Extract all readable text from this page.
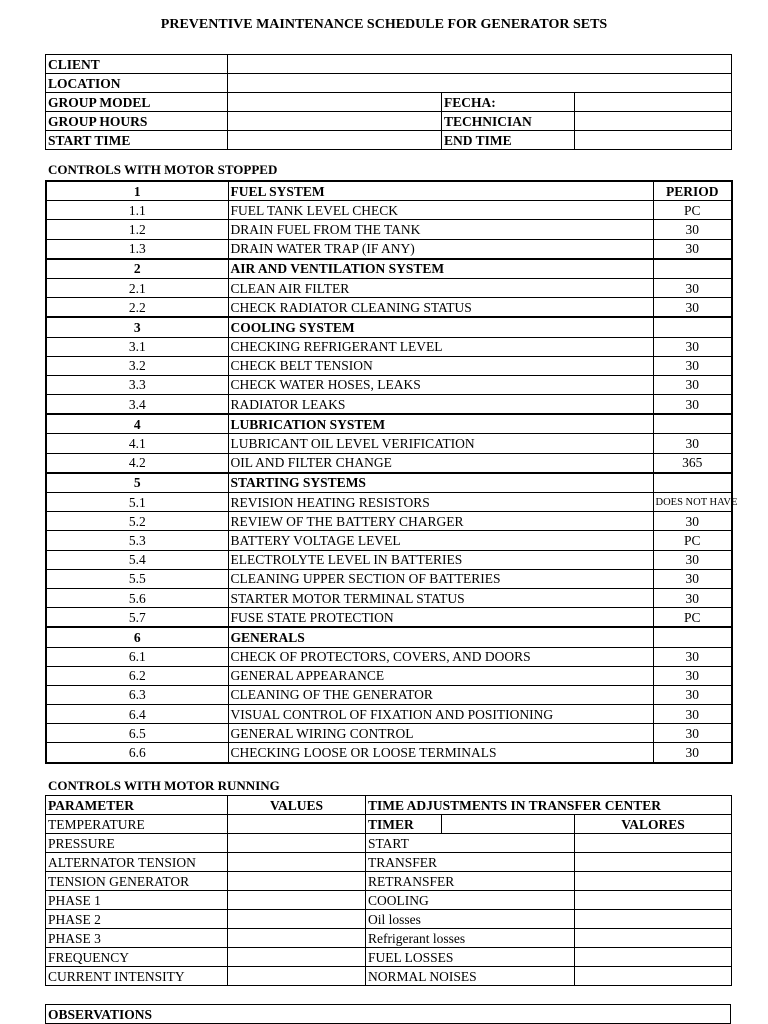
PREVENTIVE MAINTENANCE SCHEDULE FOR GENERATOR SETS
CLIENT			
LOCATION			
GROUP MODEL		FECHA:	
GROUP HOURS		TECHNICIAN	
START TIME		END TIME	
CONTROLS WITH MOTOR STOPPED
1	FUEL SYSTEM	PERIOD
1.1	FUEL TANK LEVEL CHECK	PC
1.2	DRAIN FUEL FROM THE TANK	30
1.3	DRAIN WATER TRAP (IF ANY)	30
2	AIR AND VENTILATION SYSTEM	
2.1	CLEAN AIR FILTER	30
2.2	CHECK RADIATOR CLEANING STATUS	30
3	COOLING SYSTEM	
3.1	CHECKING REFRIGERANT LEVEL	30
3.2	CHECK BELT TENSION	30
3.3	CHECK WATER HOSES, LEAKS	30
3.4	RADIATOR LEAKS	30
4	LUBRICATION SYSTEM	
4.1	LUBRICANT OIL LEVEL VERIFICATION	30
4.2	OIL AND FILTER CHANGE	365
5	STARTING SYSTEMS	
5.1	REVISION HEATING RESISTORS	DOES NOT HAVE
5.2	REVIEW OF THE BATTERY CHARGER	30
5.3	BATTERY VOLTAGE LEVEL	PC
5.4	ELECTROLYTE LEVEL IN BATTERIES	30
5.5	CLEANING UPPER SECTION OF BATTERIES	30
5.6	STARTER MOTOR TERMINAL STATUS	30
5.7	FUSE STATE PROTECTION	PC
6	GENERALS	
6.1	CHECK OF PROTECTORS, COVERS, AND DOORS	30
6.2	GENERAL APPEARANCE	30
6.3	CLEANING OF THE GENERATOR	30
6.4	VISUAL CONTROL OF FIXATION AND POSITIONING	30
6.5	GENERAL WIRING CONTROL	30
6.6	CHECKING LOOSE OR LOOSE TERMINALS	30
CONTROLS WITH MOTOR RUNNING
PARAMETER	VALUES	TIME ADJUSTMENTS IN TRANSFER CENTER		
TEMPERATURE		TIMER		VALORES
PRESSURE		START		
ALTERNATOR TENSION		TRANSFER		
TENSION GENERATOR		RETRANSFER		
PHASE 1		COOLING		
PHASE 2		Oil losses		
PHASE 3		Refrigerant losses		
FREQUENCY		FUEL LOSSES		
CURRENT INTENSITY		NORMAL NOISES		
OBSERVATIONS
